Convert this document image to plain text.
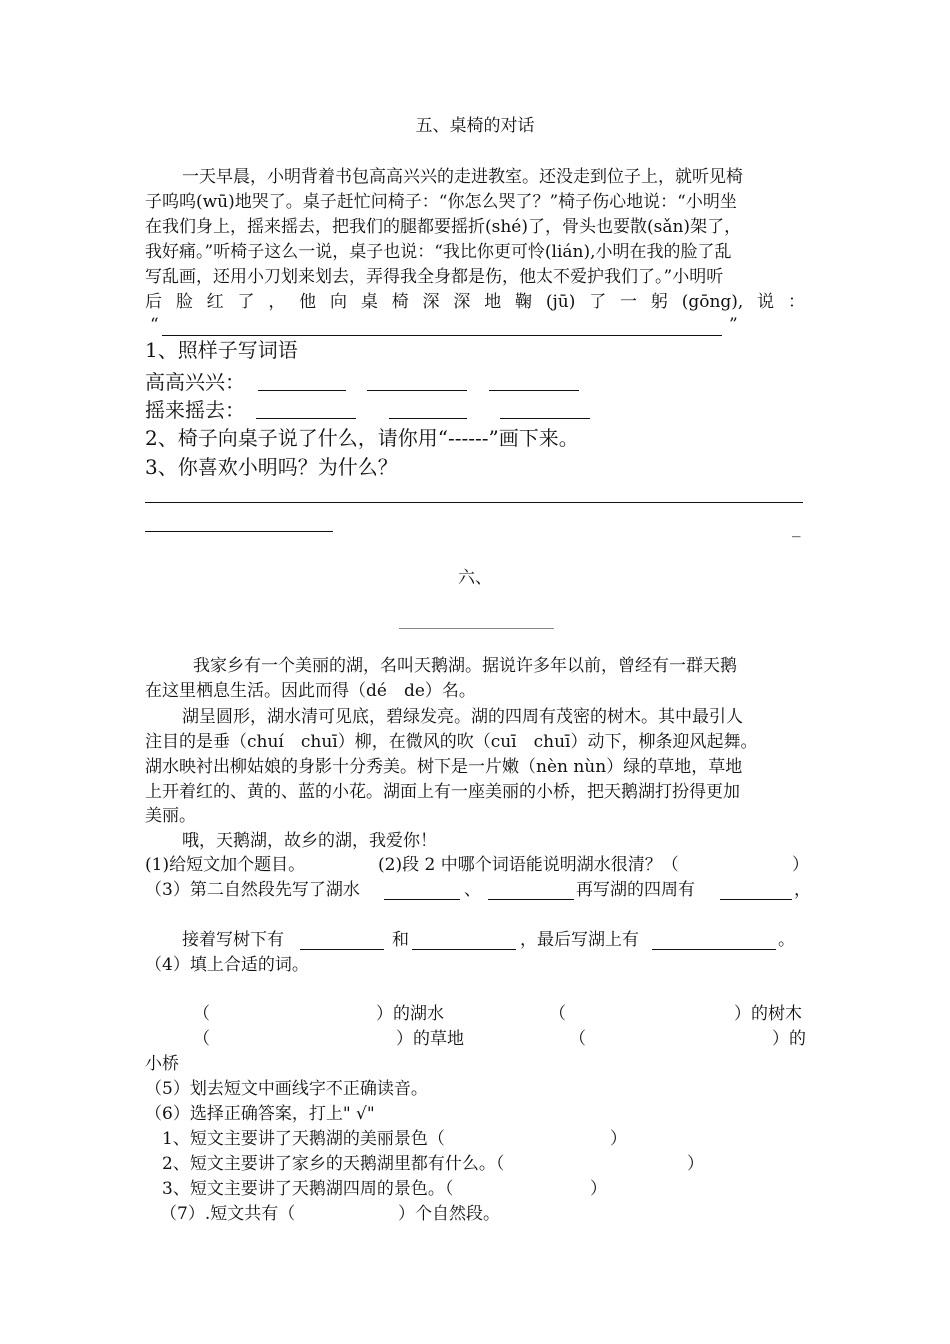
五、桌椅的对话
一天早晨，小明背着书包高高兴兴的走进教室。还没走到位子上，就听见椅
子呜呜(wū)地哭了。桌子赶忙问椅子：“你怎么哭了？”椅子伤心地说：“小明坐
在我们身上，摇来摇去，把我们的腿都要摇折(shé)了，骨头也要散(sǎn)架了，
我好痛。”听椅子这么一说，桌子也说：“我比你更可怜(lián),小明在我的脸了乱
写乱画，还用小刀划来划去，弄得我全身都是伤，他太不爱护我们了。”小明听
后脸红了，他向桌椅深深地鞠(jū)了一躬(gōng),说：
“	”
1、照样子写词语
高高兴兴：
摇来摇去：
2、椅子向桌子说了什么，请你用“------”画下来。
3、你喜欢小明吗？为什么？
_
六、
我家乡有一个美丽的湖，名叫天鹅湖。据说许多年以前，曾经有一群天鹅
在这里栖息生活。因此而得（dé　de）名。
湖呈圆形，湖水清可见底，碧绿发亮。湖的四周有茂密的树木。其中最引人
注目的是垂（chuí　chuī）柳，在微风的吹（cuī　chuī）动下，柳条迎风起舞。
湖水映衬出柳姑娘的身影十分秀美。树下是一片嫩（nèn nùn）绿的草地，草地
上开着红的、黄的、蓝的小花。湖面上有一座美丽的小桥，把天鹅湖打扮得更加
美丽。
哦，天鹅湖，故乡的湖，我爱你！
(1)给短文加个题目。	(2)段 2 中哪个词语能说明湖水很清？（	）
（3）第二自然段先写了湖水	、	再写湖的四周有	，
接着写树下有	和	，最后写湖上有	。
（4）填上合适的词。
（	）的湖水	（	）的树木
（	）的草地	（	）的
小桥
（5）划去短文中画线字不正确读音。
（6）选择正确答案，打上" √"
1、短文主要讲了天鹅湖的美丽景色（	）
2、短文主要讲了家乡的天鹅湖里都有什么。（	）
3、短文主要讲了天鹅湖四周的景色。（	）
（7）.短文共有（	）个自然段。
